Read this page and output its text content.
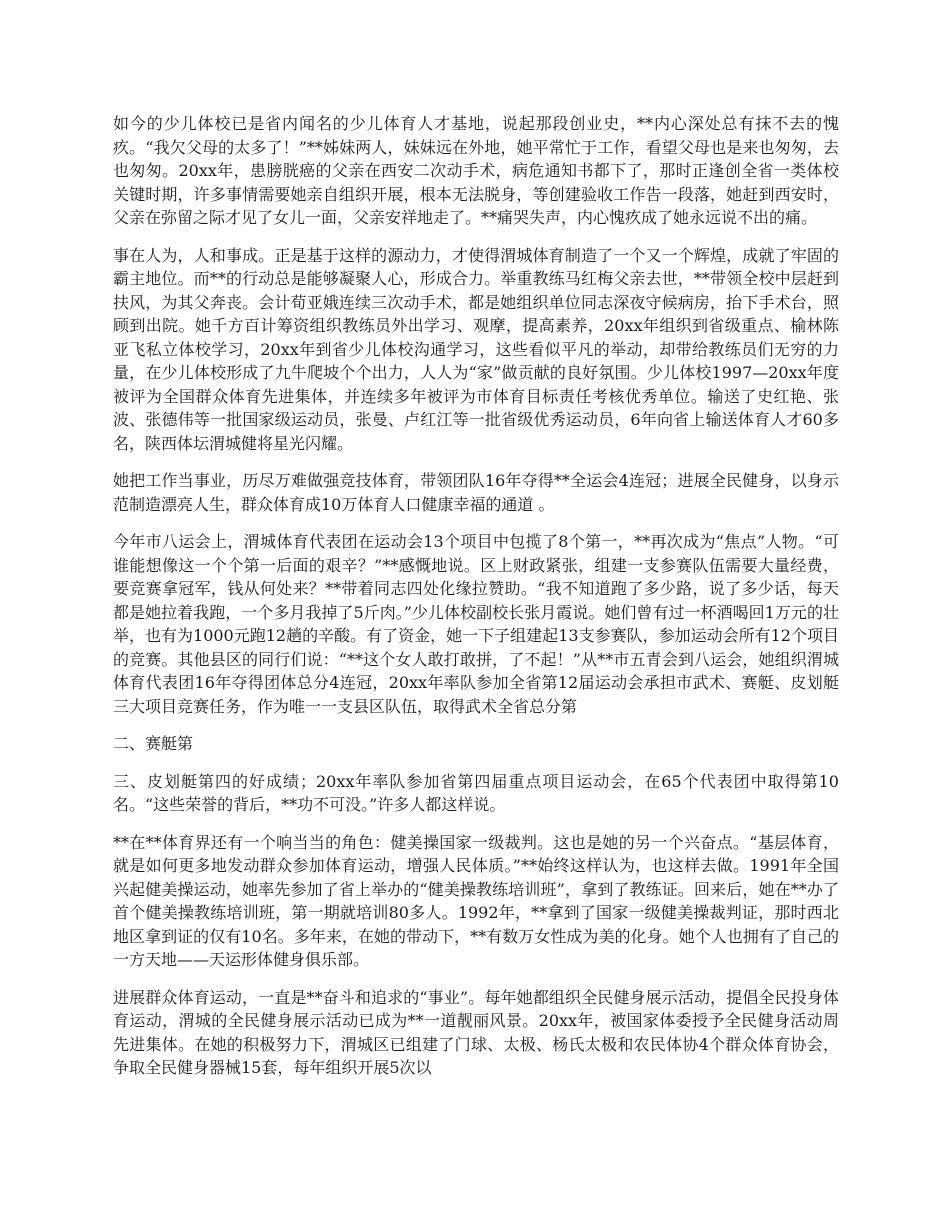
如今的少儿体校已是省内闻名的少儿体育人才基地，说起那段创业史，**内心深处总有抹不去的愧疚。“我欠父母的太多了！”**姊妹两人，妹妹远在外地，她平常忙于工作，看望父母也是来也匆匆，去也匆匆。20xx年，患膀胱癌的父亲在西安二次动手术，病危通知书都下了，那时正逢创全省一类体校关键时期，许多事情需要她亲自组织开展，根本无法脱身，等创建验收工作告一段落，她赶到西安时，父亲在弥留之际才见了女儿一面，父亲安祥地走了。**痛哭失声，内心愧疚成了她永远说不出的痛。

事在人为，人和事成。正是基于这样的源动力，才使得渭城体育制造了一个又一个辉煌，成就了牢固的霸主地位。而**的行动总是能够凝聚人心，形成合力。举重教练马红梅父亲去世，**带领全校中层赶到扶风，为其父奔丧。会计荀亚娥连续三次动手术，都是她组织单位同志深夜守候病房，抬下手术台，照顾到出院。她千方百计筹资组织教练员外出学习、观摩，提高素养，20xx年组织到省级重点、榆林陈亚飞私立体校学习，20xx年到省少儿体校沟通学习，这些看似平凡的举动，却带给教练员们无穷的力量，在少儿体校形成了九牛爬坡个个出力，人人为“家”做贡献的良好氛围。少儿体校1997—20xx年度被评为全国群众体育先进集体，并连续多年被评为市体育目标责任考核优秀单位。输送了史红艳、张波、张德伟等一批国家级运动员，张曼、卢红江等一批省级优秀运动员，6年向省上输送体育人才60多名，陕西体坛渭城健将星光闪耀。

她把工作当事业，历尽万难做强竞技体育，带领团队16年夺得**全运会4连冠；进展全民健身，以身示范制造漂亮人生，群众体育成10万体育人口健康幸福的通道 。

今年市八运会上，渭城体育代表团在运动会13个项目中包揽了8个第一，**再次成为“焦点”人物。“可谁能想像这一个个第一后面的艰辛？”**感慨地说。区上财政紧张，组建一支参赛队伍需要大量经费，要竞赛拿冠军，钱从何处来？**带着同志四处化缘拉赞助。“我不知道跑了多少路，说了多少话，每天都是她拉着我跑，一个多月我掉了5斤肉。”少儿体校副校长张月霞说。她们曾有过一杯酒喝回1万元的壮举，也有为1000元跑12趟的辛酸。有了资金，她一下子组建起13支参赛队，参加运动会所有12个项目的竞赛。其他县区的同行们说：“**这个女人敢打敢拼，了不起！”从**市五青会到八运会，她组织渭城体育代表团16年夺得团体总分4连冠，20xx年率队参加全省第12届运动会承担市武术、赛艇、皮划艇三大项目竞赛任务，作为唯一一支县区队伍，取得武术全省总分第

二、赛艇第

三、皮划艇第四的好成绩；20xx年率队参加省第四届重点项目运动会，在65个代表团中取得第10名。“这些荣誉的背后，**功不可没。”许多人都这样说。

**在**体育界还有一个响当当的角色：健美操国家一级裁判。这也是她的另一个兴奋点。“基层体育，就是如何更多地发动群众参加体育运动，增强人民体质。”**始终这样认为，也这样去做。1991年全国兴起健美操运动，她率先参加了省上举办的“健美操教练培训班”，拿到了教练证。回来后，她在**办了首个健美操教练培训班，第一期就培训80多人。1992年，**拿到了国家一级健美操裁判证，那时西北地区拿到证的仅有10名。多年来，在她的带动下，**有数万女性成为美的化身。她个人也拥有了自己的一方天地——天运形体健身俱乐部。

进展群众体育运动，一直是**奋斗和追求的“事业”。每年她都组织全民健身展示活动，提倡全民投身体育运动，渭城的全民健身展示活动已成为**一道靓丽风景。20xx年，被国家体委授予全民健身活动周先进集体。在她的积极努力下，渭城区已组建了门球、太极、杨氏太极和农民体协4个群众体育协会，争取全民健身器械15套，每年组织开展5次以
